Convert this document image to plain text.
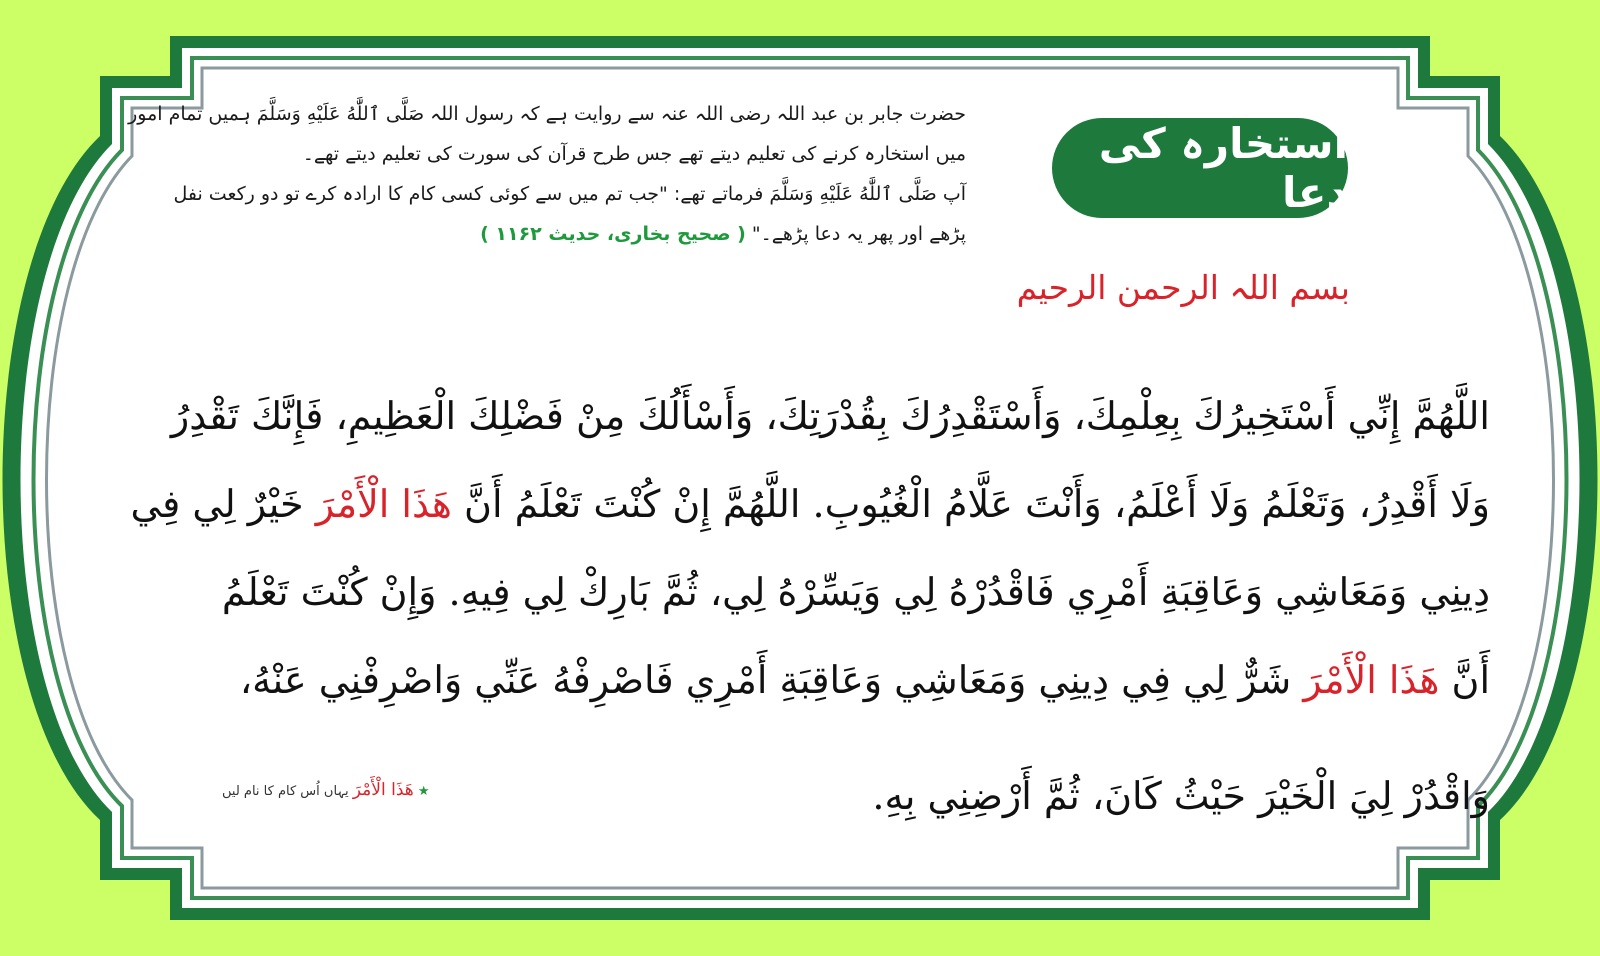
استخارہ کی دعا
بسم اللہ الرحمن الرحیم

حضرت جابر بن عبد اللہ رضی اللہ عنہ سے روایت ہے کہ رسول اللہ صَلَّى ٱللَّٰهُ عَلَيْهِ وَسَلَّمَ ہمیں تمام امور

میں استخارہ کرنے کی تعلیم دیتے تھے جس طرح قرآن کی سورت کی تعلیم دیتے تھے۔

آپ صَلَّى ٱللَّٰهُ عَلَيْهِ وَسَلَّمَ فرماتے تھے: "جب تم میں سے کوئی کسی کام کا ارادہ کرے تو دو رکعت نفل

پڑھے اور پھر یہ دعا پڑھے۔" ( صحیح بخاری، حدیث ۱۱۶۲ )

اللَّهُمَّ إِنِّي أَسْتَخِيرُكَ بِعِلْمِكَ، وَأَسْتَقْدِرُكَ بِقُدْرَتِكَ، وَأَسْأَلُكَ مِنْ فَضْلِكَ الْعَظِيمِ، فَإِنَّكَ تَقْدِرُ

وَلَا أَقْدِرُ، وَتَعْلَمُ وَلَا أَعْلَمُ، وَأَنْتَ عَلَّامُ الْغُيُوبِ. اللَّهُمَّ إِنْ كُنْتَ تَعْلَمُ أَنَّ هَذَا الْأَمْرَ خَيْرٌ لِي فِي

دِينِي وَمَعَاشِي وَعَاقِبَةِ أَمْرِي فَاقْدُرْهُ لِي وَيَسِّرْهُ لِي، ثُمَّ بَارِكْ لِي فِيهِ. وَإِنْ كُنْتَ تَعْلَمُ

أَنَّ هَذَا الْأَمْرَ شَرٌّ لِي فِي دِينِي وَمَعَاشِي وَعَاقِبَةِ أَمْرِي فَاصْرِفْهُ عَنِّي وَاصْرِفْنِي عَنْهُ،

وَاقْدُرْ لِيَ الْخَيْرَ حَيْثُ كَانَ، ثُمَّ أَرْضِنِي بِهِ.
★ هَذَا الْأَمْرَ یہاں اُس کام کا نام لیں
